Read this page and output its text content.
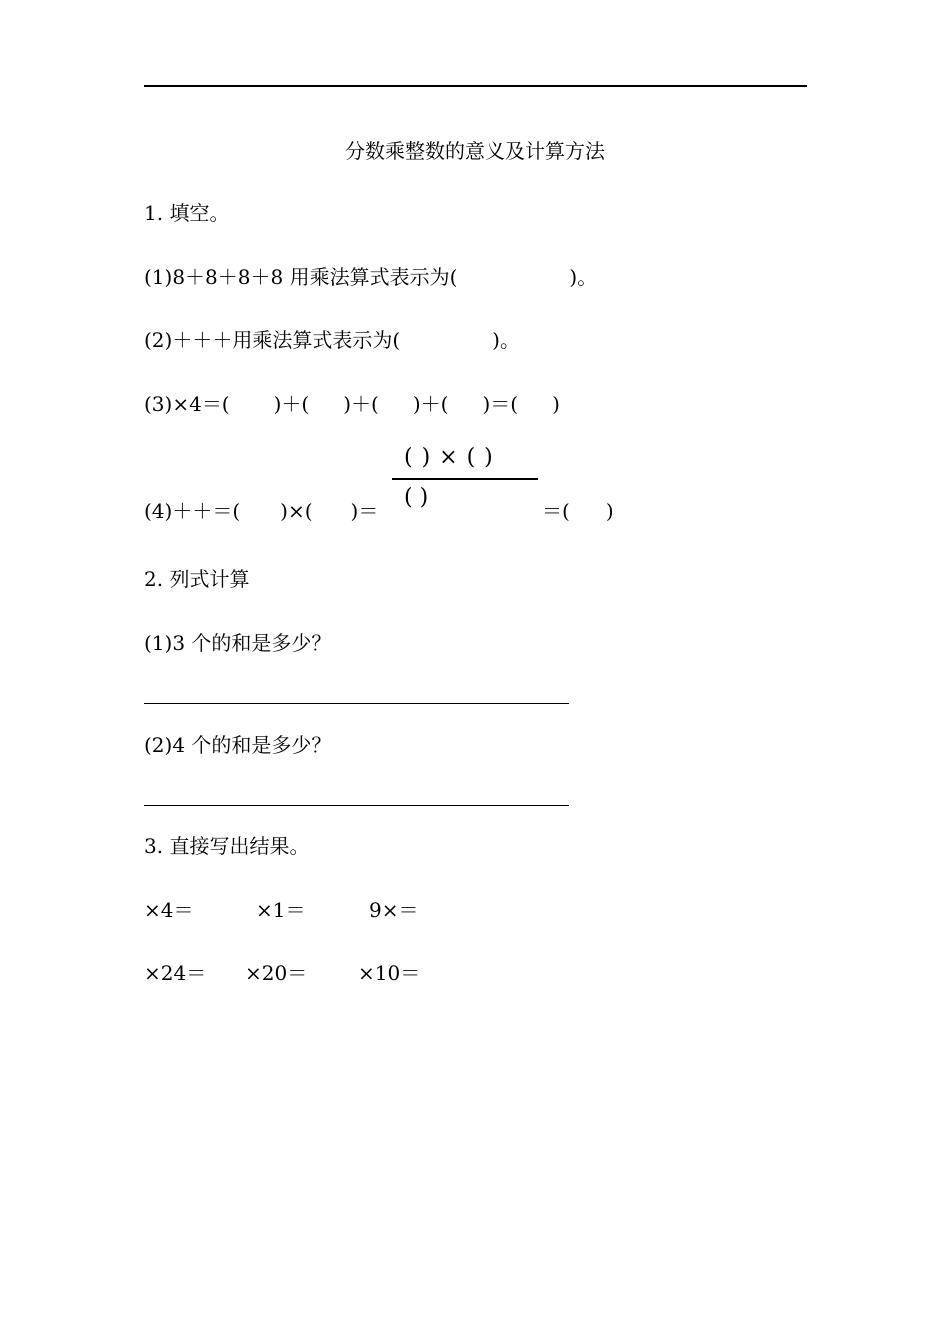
分数乘整数的意义及计算方法
1. 填空。
(1)8＋8＋8＋8 用乘法算式表示为(	)。
(2)＋＋＋用乘法算式表示为(	)。
(3)×4＝( )＋( )＋( )＋( )＝( )
(4)＋＋＝( )×( )＝
( ) × ( )
( )
＝( )
2. 列式计算
(1)3 个的和是多少？
(2)4 个的和是多少？
3. 直接写出结果。
×4＝	×1＝	9×＝
×24＝ ×20＝	×10＝
